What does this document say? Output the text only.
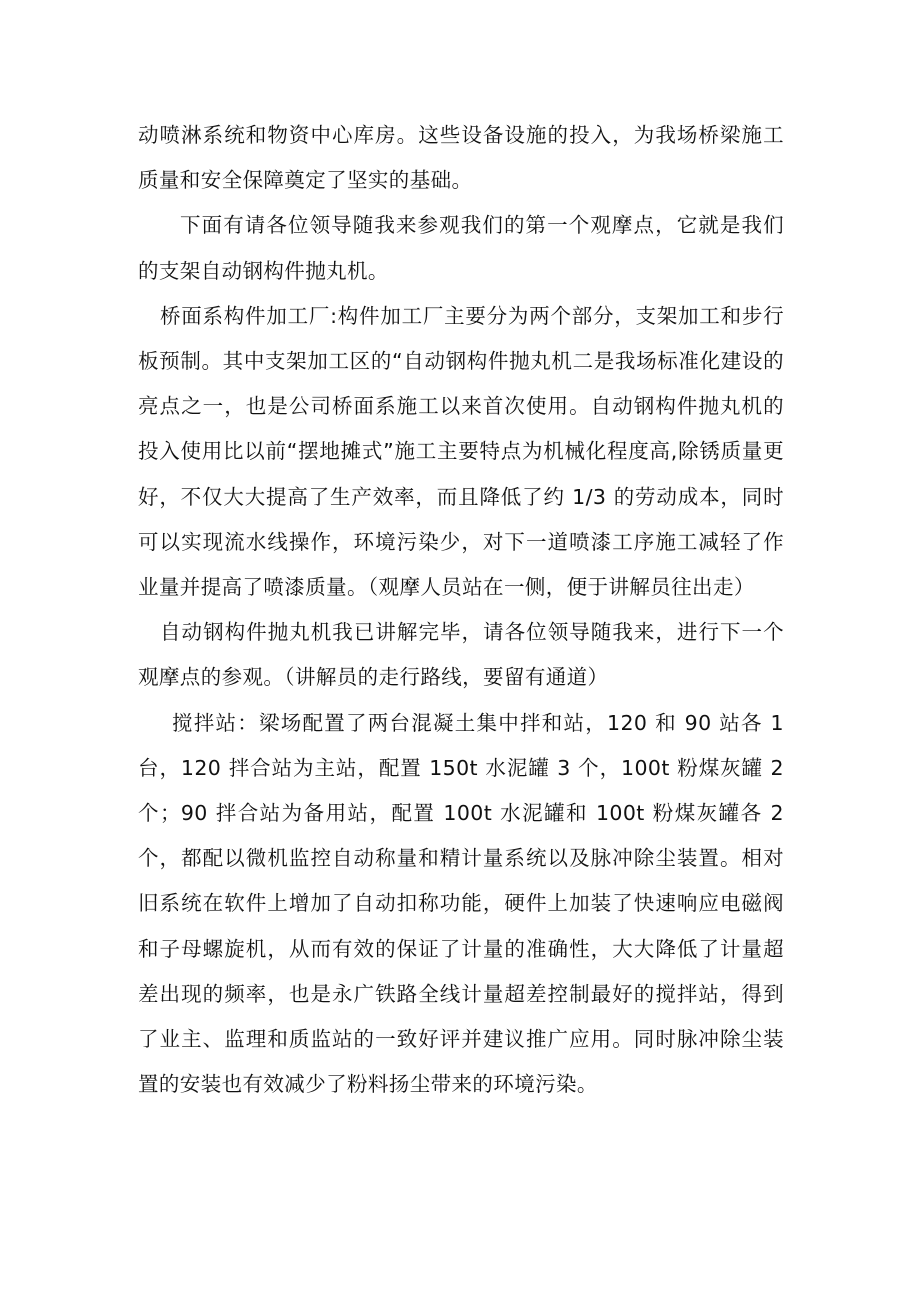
动喷淋系统和物资中心库房。这些设备设施的投入，为我场桥梁施工质量和安全保障奠定了坚实的基础。

下面有请各位领导随我来参观我们的第一个观摩点，它就是我们的支架自动钢构件抛丸机。

桥面系构件加工厂:构件加工厂主要分为两个部分，支架加工和步行板预制。其中支架加工区的“自动钢构件抛丸机二是我场标准化建设的亮点之一，也是公司桥面系施工以来首次使用。自动钢构件抛丸机的投入使用比以前“摆地摊式”施工主要特点为机械化程度高,除锈质量更好，不仅大大提高了生产效率，而且降低了约 1/3 的劳动成本，同时可以实现流水线操作，环境污染少，对下一道喷漆工序施工减轻了作业量并提高了喷漆质量。（观摩人员站在一侧，便于讲解员往出走）

自动钢构件抛丸机我已讲解完毕，请各位领导随我来，进行下一个观摩点的参观。（讲解员的走行路线，要留有通道）

搅拌站：梁场配置了两台混凝土集中拌和站，120 和 90 站各 1 台，120 拌合站为主站，配置 150t 水泥罐 3 个，100t 粉煤灰罐 2 个；90 拌合站为备用站，配置 100t 水泥罐和 100t 粉煤灰罐各 2 个，都配以微机监控自动称量和精计量系统以及脉冲除尘装置。相对旧系统在软件上增加了自动扣称功能，硬件上加装了快速响应电磁阀和子母螺旋机，从而有效的保证了计量的准确性，大大降低了计量超差出现的频率，也是永广铁路全线计量超差控制最好的搅拌站，得到了业主、监理和质监站的一致好评并建议推广应用。同时脉冲除尘装置的安装也有效减少了粉料扬尘带来的环境污染。
